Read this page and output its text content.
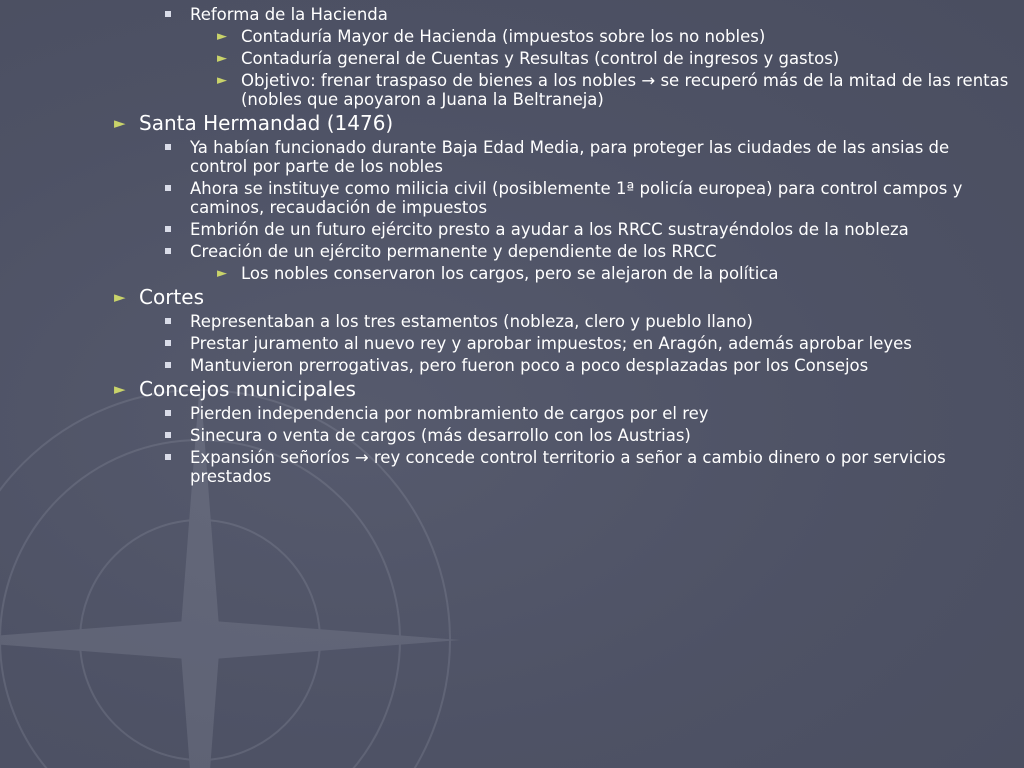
Reforma de la Hacienda
► Contaduría Mayor de Hacienda (impuestos sobre los no nobles)
► Contaduría general de Cuentas y Resultas (control de ingresos y gastos)
► Objetivo: frenar traspaso de bienes a los nobles → se recuperó más de la mitad de las rentas (nobles que apoyaron a Juana la Beltraneja)
► Santa Hermandad (1476)
Ya habían funcionado durante Baja Edad Media, para proteger las ciudades de las ansias de control por parte de los nobles
Ahora se instituye como milicia civil (posiblemente 1ª policía europea) para control campos y caminos, recaudación de impuestos
Embrión de un futuro ejército presto a ayudar a los RRCC sustrayéndolos de la nobleza
Creación de un ejército permanente y dependiente de los RRCC
► Los nobles conservaron los cargos, pero se alejaron de la política
► Cortes
Representaban a los tres estamentos (nobleza, clero y pueblo llano)
Prestar juramento al nuevo rey y aprobar impuestos; en Aragón, además aprobar leyes
Mantuvieron prerrogativas, pero fueron poco a poco desplazadas por los Consejos
► Concejos municipales
Pierden independencia por nombramiento de cargos por el rey
Sinecura o venta de cargos (más desarrollo con los Austrias)
Expansión señoríos → rey concede control territorio a señor a cambio dinero o por servicios prestados
